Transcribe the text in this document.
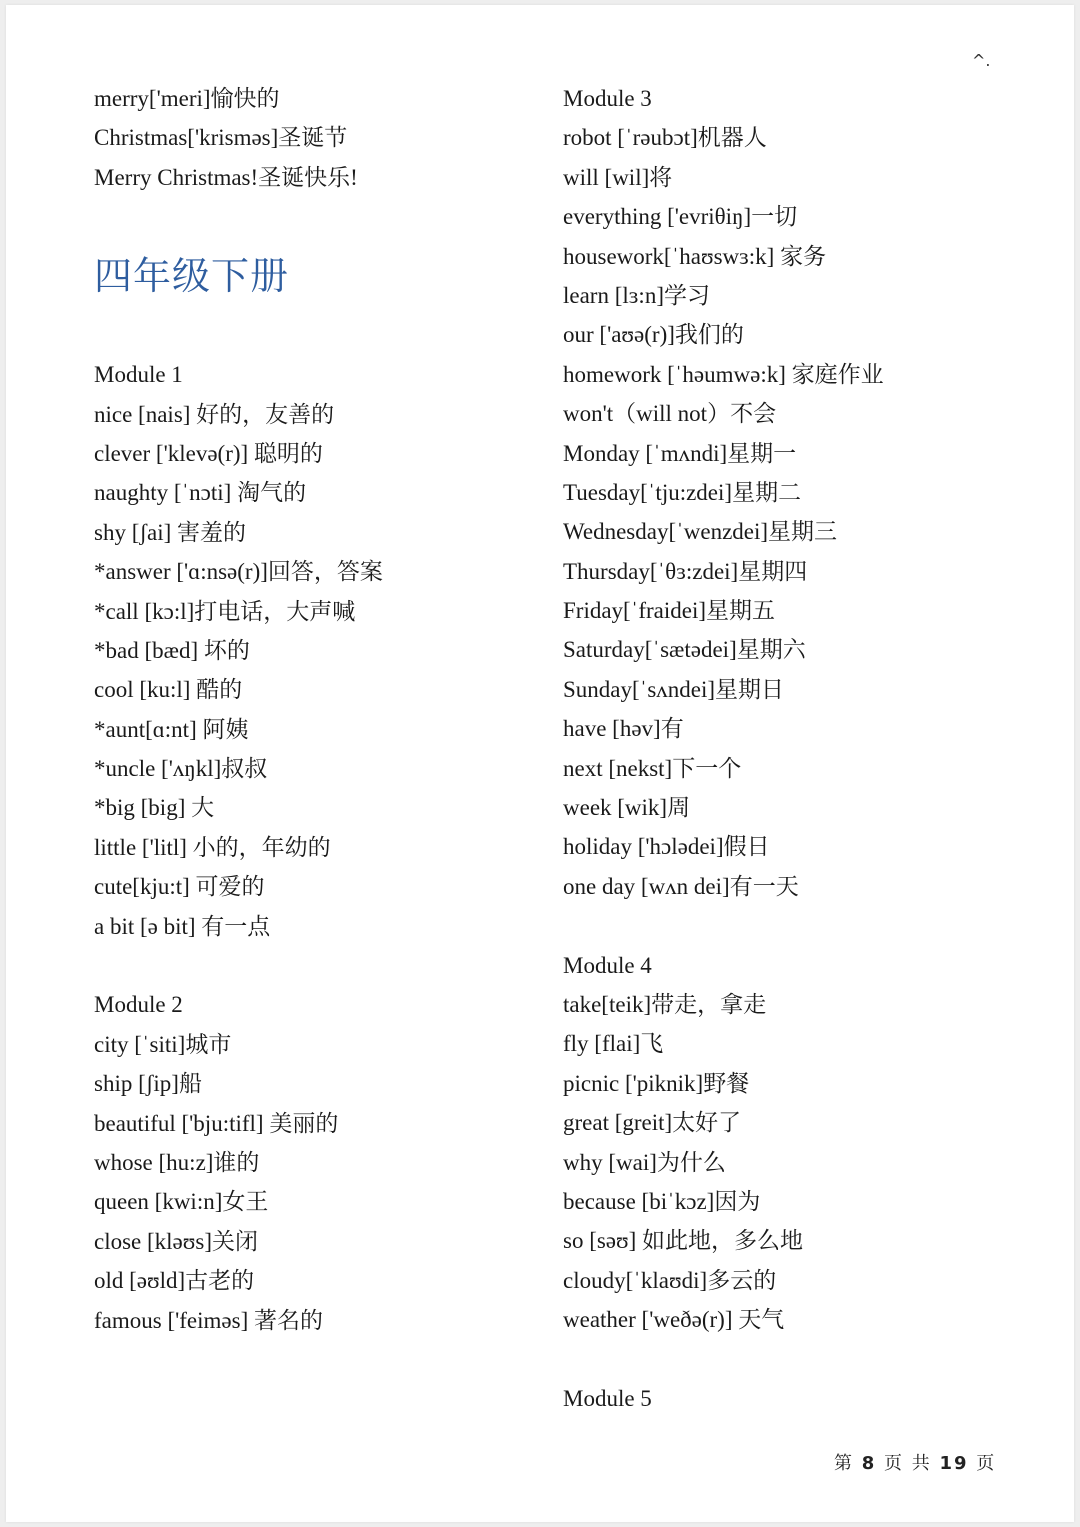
^.
merry['meri]愉快的
Christmas['krisməs]圣诞节
Merry Christmas!圣诞快乐!
四年级下册
Module 1
nice [nais] 好的，友善的
clever ['klevə(r)] 聪明的
naughty [ˈnɔti] 淘气的
shy [ʃai] 害羞的
*answer ['ɑ:nsə(r)]回答，答案
*call [kɔ:l]打电话，大声喊
*bad [bæd] 坏的
cool [ku:l] 酷的
*aunt[ɑ:nt] 阿姨
*uncle ['ʌŋkl]叔叔
*big [big] 大
little ['litl] 小的，年幼的
cute[kju:t] 可爱的
a bit [ə bit] 有一点
Module 2
city [ˈsiti]城市
ship [ʃip]船
beautiful ['bju:tifl] 美丽的
whose [hu:z]谁的
queen [kwi:n]女王
close [kləʊs]关闭
old [əʊld]古老的
famous ['feiməs] 著名的
Module 3
robot [ˈrəubɔt]机器人
will [wil]将
everything ['evriθiŋ]一切
housework[ˈhaʊswɜ:k] 家务
learn [lɜ:n]学习
our ['aʊə(r)]我们的
homework [ˈhəumwə:k] 家庭作业
won't（will not）不会
Monday [ˈmʌndi]星期一
Tuesday[ˈtju:zdei]星期二
Wednesday[ˈwenzdei]星期三
Thursday[ˈθɜ:zdei]星期四
Friday[ˈfraidei]星期五
Saturday[ˈsætədei]星期六
Sunday[ˈsʌndei]星期日
have [həv]有
next [nekst]下一个
week [wik]周
holiday ['hɔlədei]假日
one day [wʌn dei]有一天
Module 4
take[teik]带走，拿走
fly [flai]飞
picnic ['piknik]野餐
great [greit]太好了
why [wai]为什么
because [biˈkɔz]因为
so [səʊ] 如此地，多么地
cloudy[ˈklaʊdi]多云的
weather ['weðə(r)] 天气
Module 5
第 8 页 共 19 页
